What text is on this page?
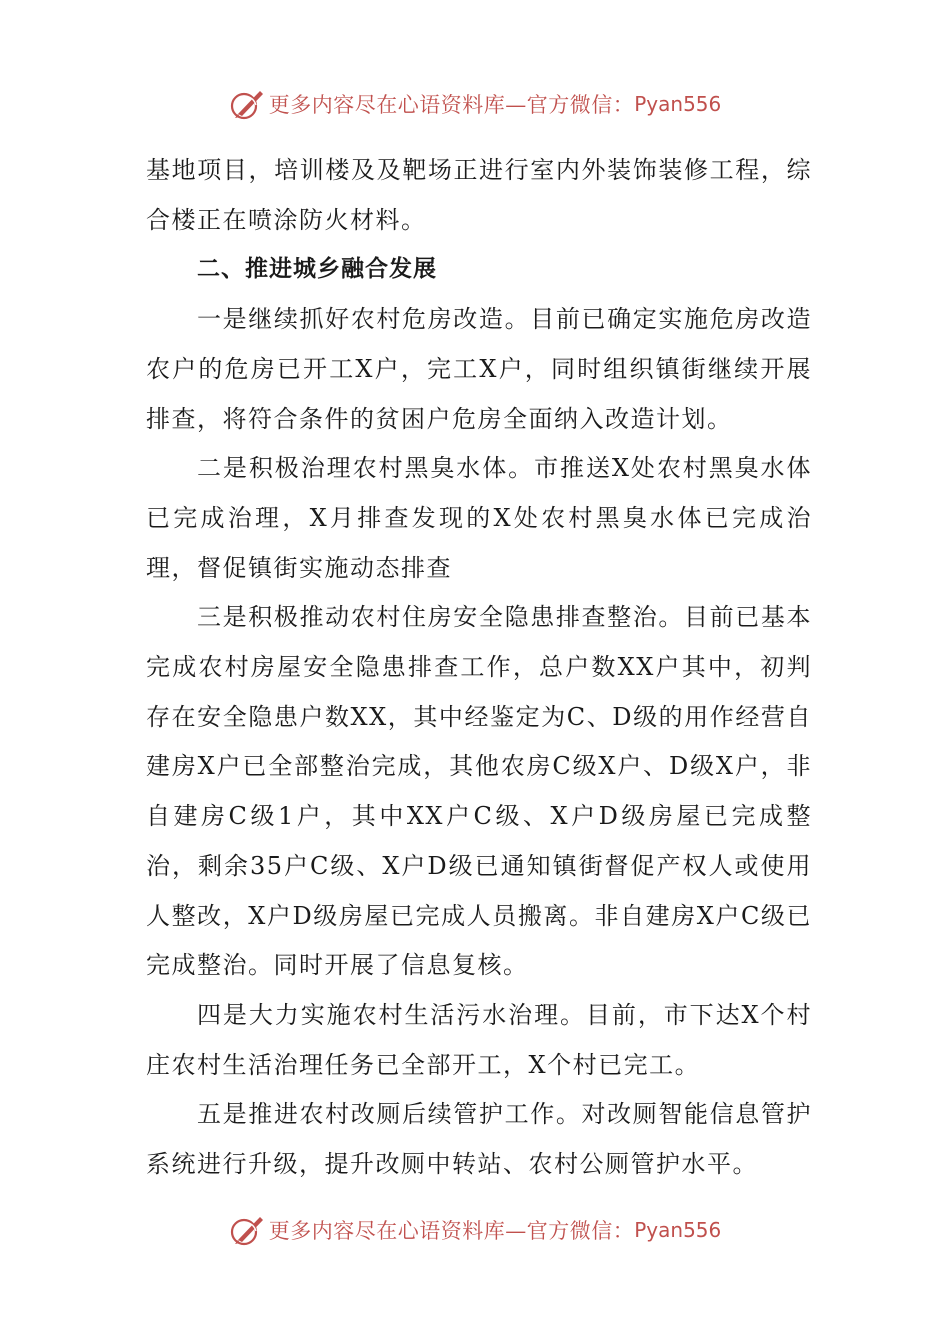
更多内容尽在心语资料库—官方微信： Pyan556

基地项目，培训楼及及靶场正进行室内外装饰装修工程，综合楼正在喷涂防火材料。

二、推进城乡融合发展

一是继续抓好农村危房改造。目前已确定实施危房改造农户的危房已开工X户，完工X户，同时组织镇街继续开展排查，将符合条件的贫困户危房全面纳入改造计划。

二是积极治理农村黑臭水体。市推送X处农村黑臭水体已完成治理，X月排查发现的X处农村黑臭水体已完成治理，督促镇街实施动态排查

三是积极推动农村住房安全隐患排查整治。目前已基本完成农村房屋安全隐患排查工作，总户数XX户其中，初判存在安全隐患户数XX，其中经鉴定为C、D级的用作经营自建房X户已全部整治完成，其他农房C级X户、D级X户，非自建房C级1户，其中XX户C级、X户D级房屋已完成整治，剩余35户C级、X户D级已通知镇街督促产权人或使用人整改，X户D级房屋已完成人员搬离。非自建房X户C级已完成整治。同时开展了信息复核。

四是大力实施农村生活污水治理。目前，市下达X个村庄农村生活治理任务已全部开工，X个村已完工。

五是推进农村改厕后续管护工作。对改厕智能信息管护系统进行升级，提升改厕中转站、农村公厕管护水平。

更多内容尽在心语资料库—官方微信： Pyan556
